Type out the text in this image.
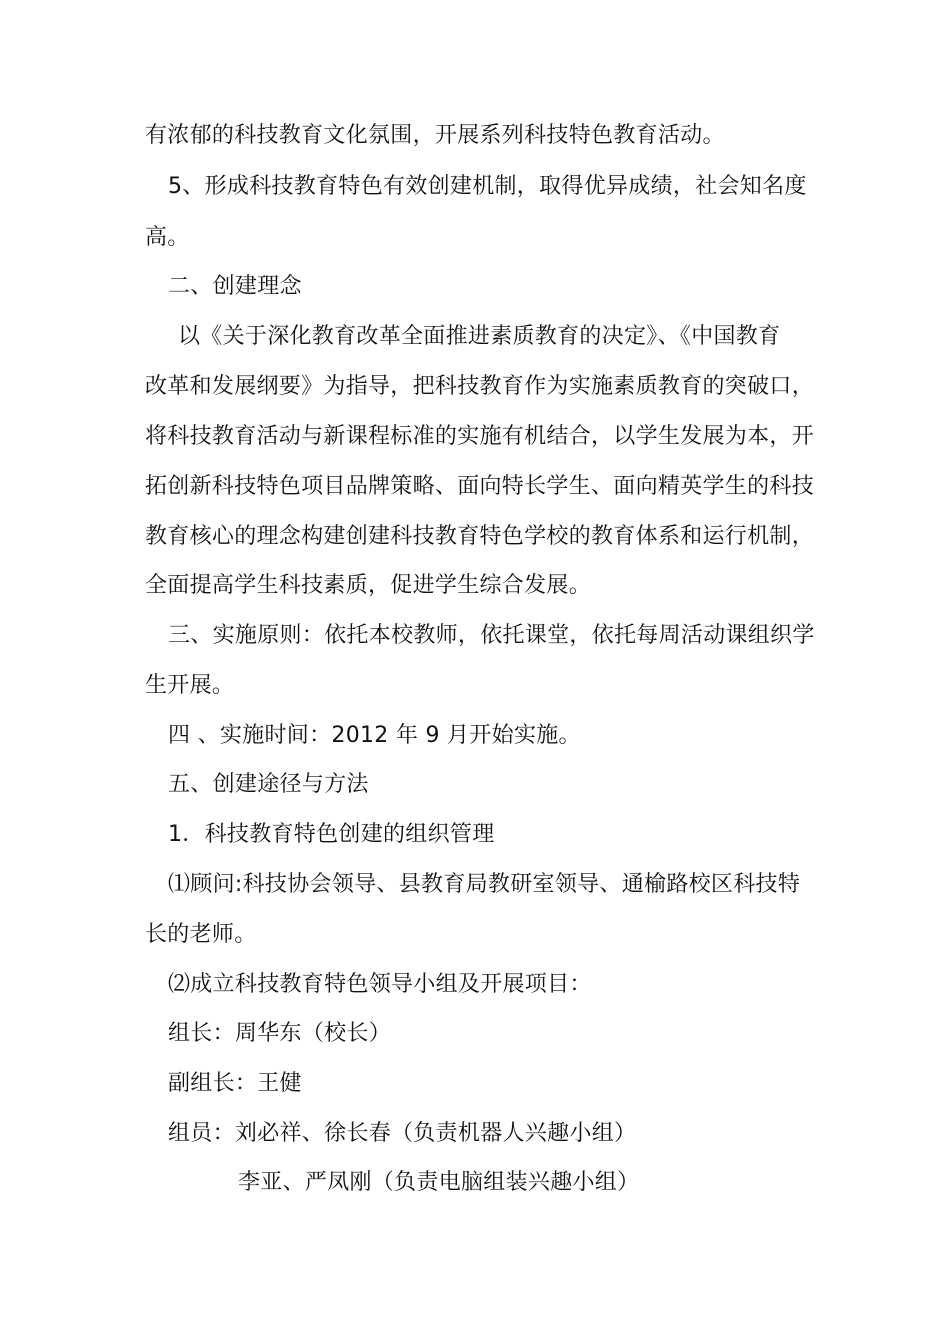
有浓郁的科技教育文化氛围，开展系列科技特色教育活动。
5、形成科技教育特色有效创建机制，取得优异成绩，社会知名度
高。
二、创建理念
以《关于深化教育改革全面推进素质教育的决定》、《中国教育
改革和发展纲要》为指导，把科技教育作为实施素质教育的突破口，
将科技教育活动与新课程标准的实施有机结合，以学生发展为本，开
拓创新科技特色项目品牌策略、面向特长学生、面向精英学生的科技
教育核心的理念构建创建科技教育特色学校的教育体系和运行机制，
全面提高学生科技素质，促进学生综合发展。
三、实施原则：依托本校教师，依托课堂，依托每周活动课组织学
生开展。
四 、实施时间：2012 年 9 月开始实施。
五、创建途径与方法
1．科技教育特色创建的组织管理
⑴顾问:科技协会领导、县教育局教研室领导、通榆路校区科技特
长的老师。
⑵成立科技教育特色领导小组及开展项目：
组长：周华东（校长）
副组长：王健
组员：刘必祥、徐长春（负责机器人兴趣小组）
李亚、严凤刚（负责电脑组装兴趣小组）
